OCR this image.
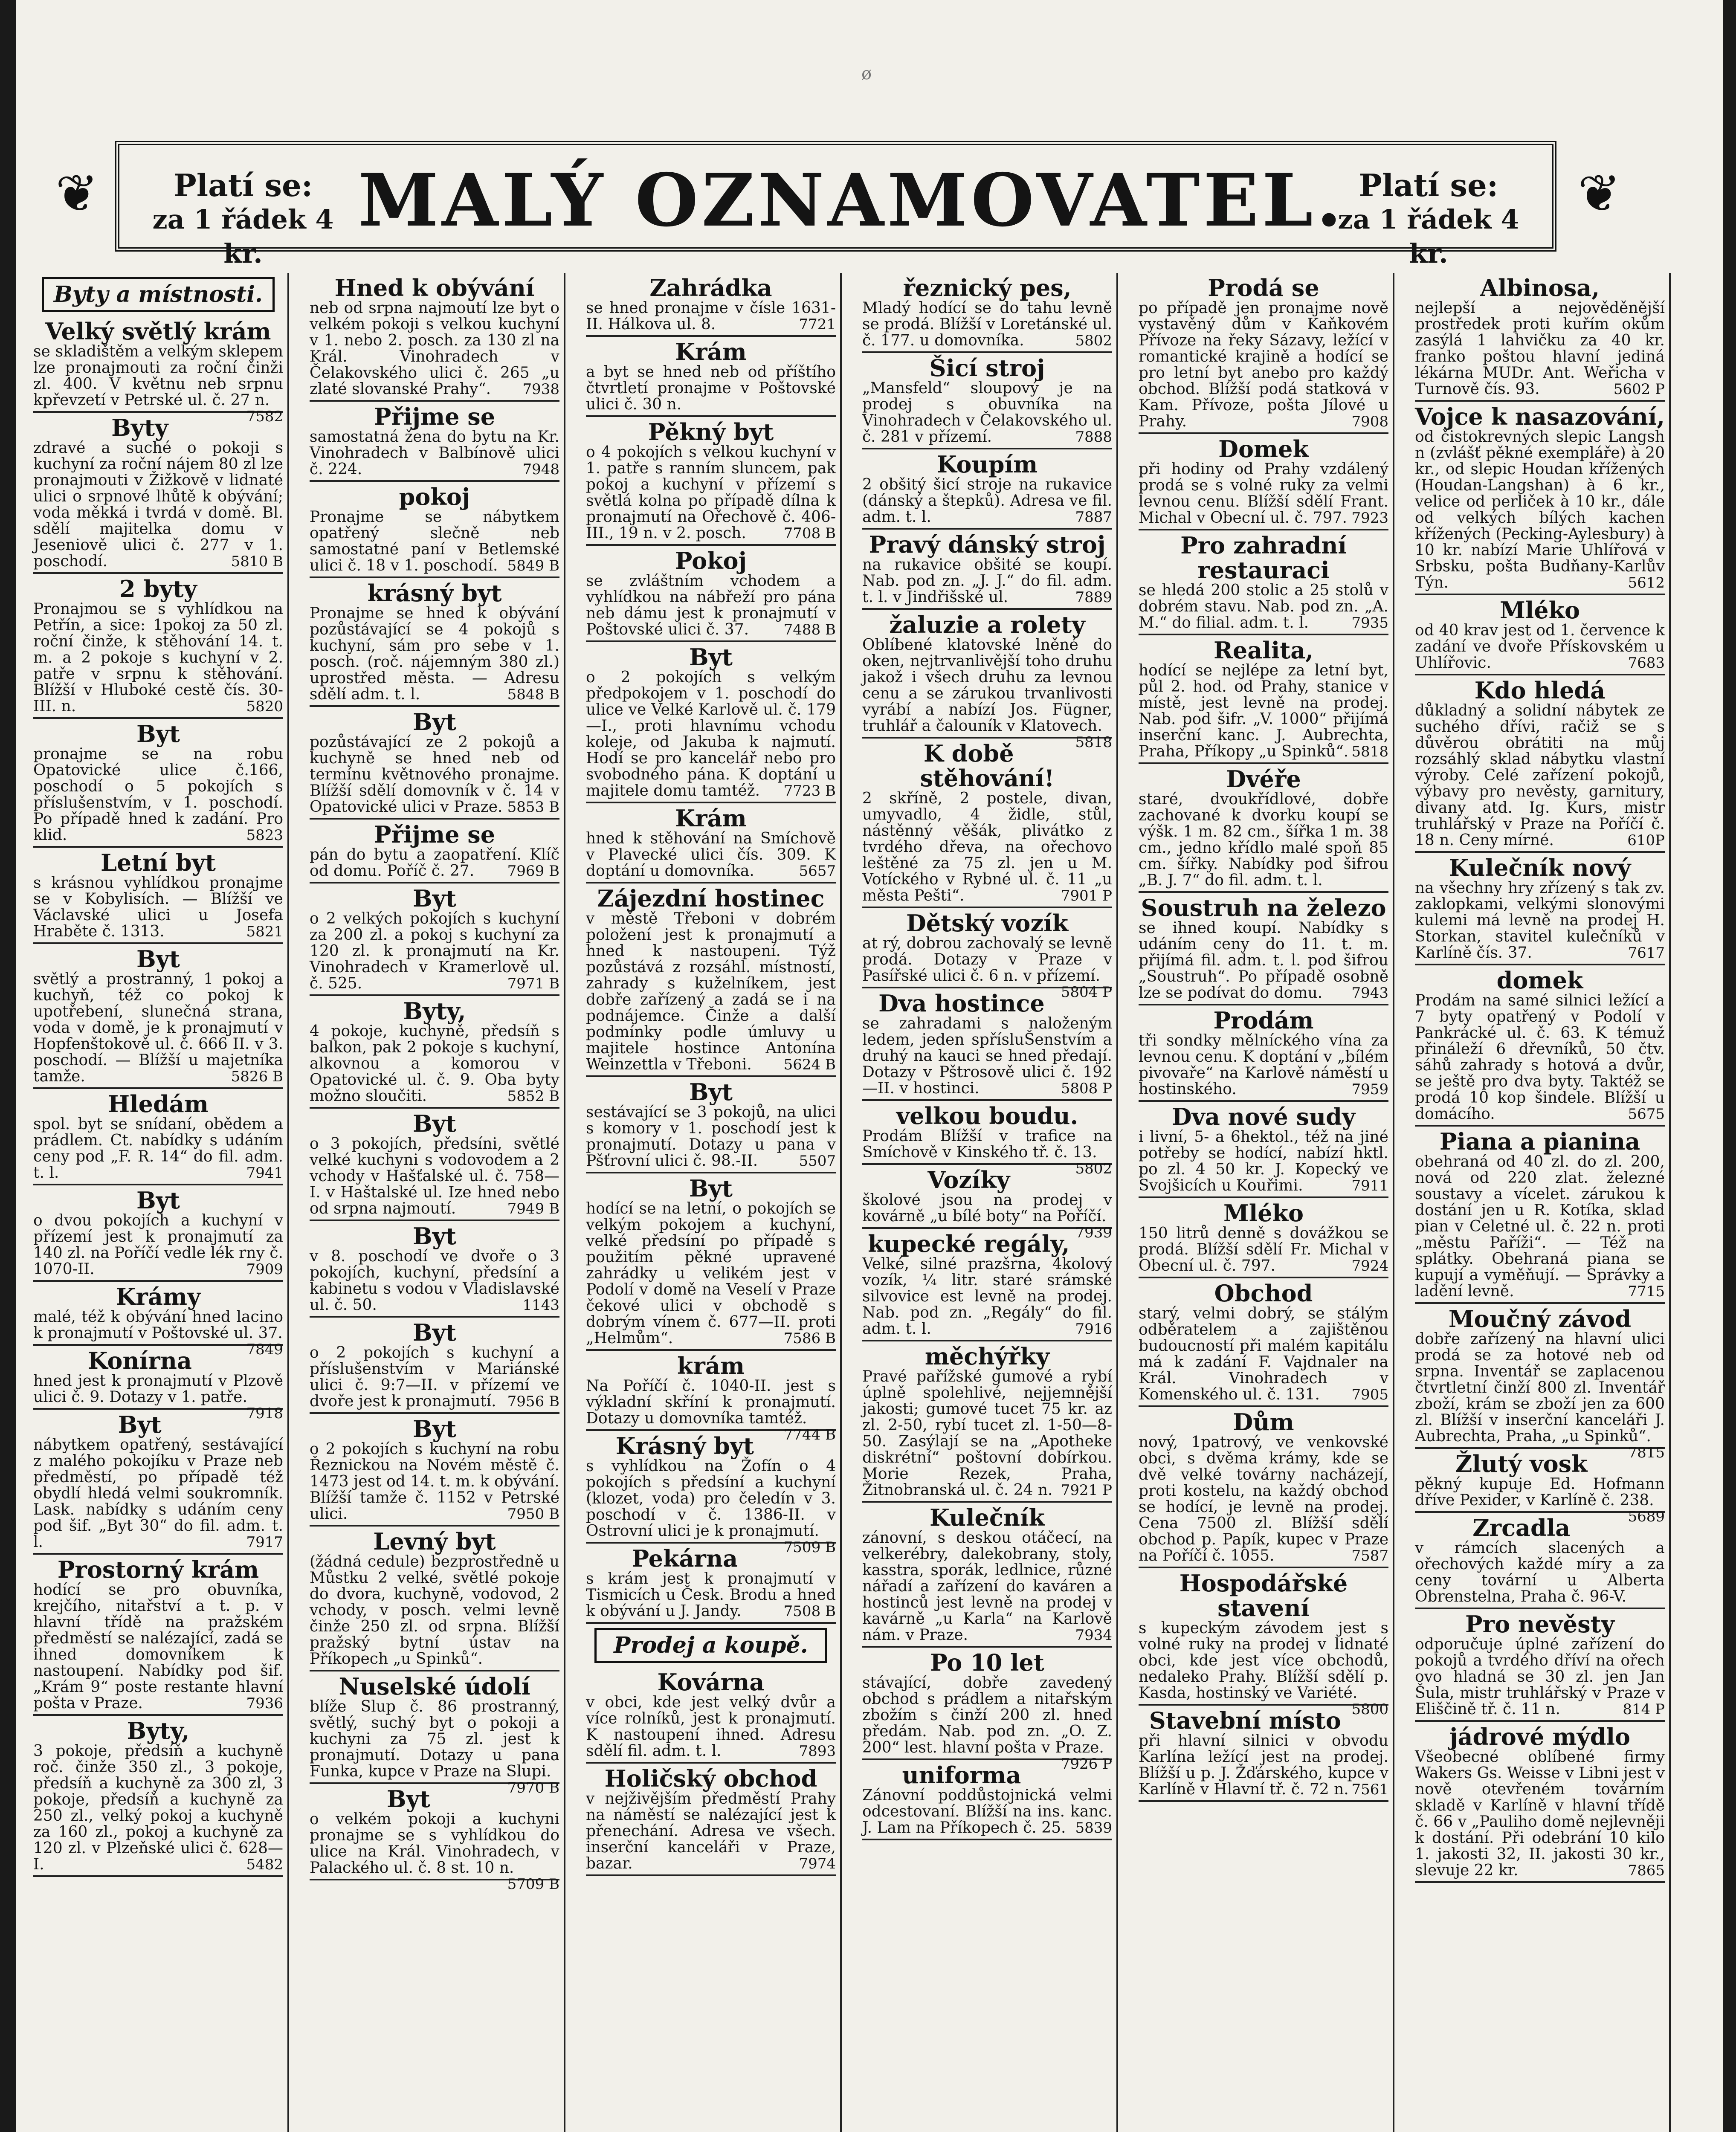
ø
❦	❦
Platí se:

za 1 řádek 4 kr.
MALÝ OZNAMOVATEL. Platí se:

za 1 řádek 4 kr.
Byty a místnosti.
Velký světlý krám
se skladištěm a velkým sklepem lze pronajmouti za roční činži zl. 400. V květnu neb srpnu kpřevzetí v Petrské ul. č. 27 n.
7582
Byty
zdravé a suché o pokoji s kuchyní za roční nájem 80 zl lze pronajmouti v Žižkově v lidnaté ulici o srpnové lhůtě k obývání; voda měkká i tvrdá v domě. Bl. sdělí majitelka domu v Jeseniově ulici č. 277 v 1. poschodí.	5810 B
2 byty
Pronajmou se s vyhlídkou na Petřín, a sice: 1pokoj za 50 zl. roční činže, k stěhování 14. t. m. a 2 pokoje s kuchyní v 2. patře v srpnu k stěhování. Blížší v Hluboké cestě čís. 30-III. n.	5820
Byt
pronajme se na robu Opatovické ulice č.166, poschodí o 5 pokojích s příslušenstvím, v 1. poschodí. Po případě hned k zadání. Pro klid.	5823
Letní byt
s krásnou vyhlídkou pronajme se v Kobylisích. — Blížší ve Václavské ulici u Josefa Hraběte č. 1313.	5821
Byt
světlý a prostranný, 1 pokoj a kuchyň, též co pokoj k upotřebení, slunečná strana, voda v domě, je k pronajmutí v Hopfenštokově ul. č. 666 II. v 3. poschodí. — Blížší u majetníka tamže.	5826 B
Hledám
spol. byt se snídaní, obědem a prádlem. Ct. nabídky s udáním ceny pod „F. R. 14“ do fil. adm. t. l.	7941
Byt
o dvou pokojích a kuchyní v přízemí jest k pronajmutí za 140 zl. na Poříčí vedle lék rny č. 1070-II.	7909
Krámy
malé, též k obývání hned lacino k pronajmutí v Poštovské ul. 37.
7849
Konírna
hned jest k pronajmutí v Plzově ulici č. 9. Dotazy v 1. patře.
7918
Byt
nábytkem opatřený, sestávající z malého pokojíku v Praze neb předměstí, po případě též obydlí hledá velmi soukromník. Lask. nabídky s udáním ceny pod šif. „Byt 30“ do fil. adm. t. l.	7917
Prostorný krám
hodící se pro obuvníka, krejčího, nitařství a t. p. v hlavní třídě na pražském předměstí se nalézající, zadá se ihned domovníkem k nastoupení. Nabídky pod šif. „Krám 9“ poste restante hlavní pošta v Praze.	7936
Byty,
3 pokoje, předsíň a kuchyně roč. činže 350 zl., 3 pokoje, předsíň a kuchyně za 300 zl, 3 pokoje, předsíň a kuchyně za 250 zl., velký pokoj a kuchyně za 160 zl., pokoj a kuchyně za 120 zl. v Plzeňské ulici č. 628—I.	5482
Hned k obývání
neb od srpna najmoutí lze byt o velkém pokoji s velkou kuchyní v 1. nebo 2. posch. za 130 zl na Král. Vinohradech v Čelakovského ulici č. 265 „u zlaté slovanské Prahy“. 7938
Přijme se
samostatná žena do bytu na Kr. Vinohradech v Balbínově ulici č. 224.	7948
pokoj
Pronajme se nábytkem opatřený slečně neb samostatné paní v Betlemské ulici č. 18 v 1. poschodí. 5849 B
krásný byt
Pronajme se hned k obývání pozůstávající se 4 pokojů s kuchyní, sám pro sebe v 1. posch. (roč. nájemným 380 zl.) uprostřed města. — Adresu sdělí adm. t. l.	5848 B
Byt
pozůstávající ze 2 pokojů a kuchyně se hned neb od termínu květnového pronajme. Blížší sdělí domovník v č. 14 v Opatovické ulici v Praze. 5853 B
Přijme se
pán do bytu a zaopatření. Klíč od domu. Poříč č. 27. 7969 B
Byt
o 2 velkých pokojích s kuchyní za 200 zl. a pokoj s kuchyní za 120 zl. k pronajmutí na Kr. Vinohradech v Kramerlově ul. č. 525.	7971 B
Byty,
4 pokoje, kuchyně, předsíň s balkon, pak 2 pokoje s kuchyní, alkovnou a komorou v Opatovické ul. č. 9. Oba byty možno sloučiti.	5852 B
Byt
o 3 pokojích, předsíni, světlé velké kuchyni s vodovodem a 2 vchody v Hašťalské ul. č. 758—I. v Haštalské ul. Ize hned nebo od srpna najmoutí.	7949 B
Byt
v 8. poschodí ve dvoře o 3 pokojích, kuchyní, předsíní a kabinetu s vodou v Vladislavské ul. č. 50.	1143
Byt
o 2 pokojích s kuchyní a příslušenstvím v Mariánské ulici č. 9:7—II. v přízemí ve dvoře jest k pronajmutí. 7956 B
Byt
o 2 pokojích s kuchyní na robu Řeznickou na Novém městě č. 1473 jest od 14. t. m. k obývání. Blížší tamže č. 1152 v Petrské ulici.	7950 B
Levný byt
(žádná cedule) bezprostředně u Můstku 2 velké, světlé pokoje do dvora, kuchyně, vodovod, 2 vchody, v posch. velmi levně činže 250 zl. od srpna. Blížší pražský bytní ústav na Příkopech „u Spinků“.
Nuselské údolí
blíže Slup č. 86 prostranný, světlý, suchý byt o pokoji a kuchyni za 75 zl. jest k pronajmutí. Dotazy u pana Funka, kupce v Praze na Slupi.
7970 B
Byt
o velkém pokoji a kuchyni pronajme se s vyhlídkou do ulice na Král. Vinohradech, v Palackého ul. č. 8 st. 10 n.
5709 B
Zahrádka
se hned pronajme v čísle 1631-II. Hálkova ul. 8.	7721
Krám
a byt se hned neb od příštího čtvrtletí pronajme v Poštovské ulici č. 30 n.
Pěkný byt
o 4 pokojích s velkou kuchyní v 1. patře s ranním sluncem, pak pokoj a kuchyní v přízemí s světlá kolna po případě dílna k pronajmutí na Ořechově č. 406-III., 19 n. v 2. posch.	7708 B
Pokoj
se zvláštním vchodem a vyhlídkou na nábřeží pro pána neb dámu jest k pronajmutí v Poštovské ulici č. 37. 7488 B
Byt
o 2 pokojích s velkým předpokojem v 1. poschodí do ulice ve Velké Karlově ul. č. 179—I., proti hlavnímu vchodu koleje, od Jakuba k najmutí. Hodí se pro kancelář nebo pro svobodného pána. K doptání u majitele domu tamtéž. 7723 B
Krám
hned k stěhování na Smíchově v Plavecké ulici čís. 309. K doptání u domovníka.	5657
Zájezdní hostinec
v městě Třeboni v dobrém položení jest k pronajmutí a hned k nastoupení. Týž pozůstává z rozsáhl. místností, zahrady s kuželníkem, jest dobře zařízený a zadá se i na podnájemce. Činže a další podmínky podle úmluvy u majitele hostince Antonína Weinzettla v Třeboni. 5624 B
Byt
sestávající se 3 pokojů, na ulici s komory v 1. poschodí jest k pronajmutí. Dotazy u pana v Pšťrovní ulici č. 98.-II.	5507
Byt
hodící se na letní, o pokojích se velkým pokojem a kuchyní, velké předsíní po případě s použitím pěkné upravené zahrádky u velikém jest v Podolí v domě na Veselí v Praze čekové ulici v obchodě s dobrým vínem č. 677—II. proti „Helmům“.	7586 B
krám
Na Poříčí č. 1040-II. jest s výkladní skříní k pronajmutí. Dotazy u domovníka tamtéž.
7744 B
Krásný byt
s vyhlídkou na Žofín o 4 pokojích s předsíní a kuchyní (klozet, voda) pro čeledín v 3. poschodí v č. 1386-II. v Ostrovní ulici je k pronajmutí.
7509 B
Pekárna
s krám jest k pronajmutí v Tismicích u Česk. Brodu a hned k obývání u J. Jandy.	7508 B
Prodej a koupě.
Kovárna
v obci, kde jest velký dvůr a více rolníků, jest k pronajmutí. K nastoupení ihned. Adresu sdělí fil. adm. t. l.	7893
Holičský obchod
v nejživějším předměstí Prahy na náměstí se nalézající jest k přenechání. Adresa ve všech. inserční kanceláři v Praze, bazar.	7974
řeznický pes,
Mladý hodící se do tahu levně se prodá. Blížší v Loretánské ul. č. 177. u domovníka.	5802
Šicí stroj
„Mansfeld“ sloupový je na prodej s obuvníka na Vinohradech v Čelakovského ul. č. 281 v přízemí.	7888
Koupím
2 obšitý šicí stroje na rukavice (dánský a štepků). Adresa ve fil. adm. t. l.	7887
Pravý dánský stroj
na rukavice obšité se koupí. Nab. pod zn. „J. J.“ do fil. adm. t. l. v Jindřišské ul.	7889
žaluzie a rolety
Oblíbené klatovské lněné do oken, nejtrvanlivější toho druhu jakož i všech druhu za levnou cenu a se zárukou trvanlivosti vyrábí a nabízí Jos. Fügner, truhlář a čalouník v Klatovech.
5818
K době stěhování!
2 skříně, 2 postele, divan, umyvadlo, 4 židle, stůl, nástěnný věšák, plivátko z tvrdého dřeva, na ořechovo leštěné za 75 zl. jen u M. Votíckého v Rybné ul. č. 11 „u města Pešti“.	7901 P
Dětský vozík
at rý, dobrou zachovalý se levně prodá. Dotazy v Praze v Pasířské ulici č. 6 n. v přízemí.
5804 P
Dva hostince
se zahradami s naloženým ledem, jeden spřísluŠenstvím a druhý na kauci se hned předají. Dotazy v Pštrosově ulici č. 192—II. v hostinci.	5808 P
velkou boudu.
Prodám Blížší v trafice na Smíchově v Kinského tř. č. 13.
5802
Vozíky
školové jsou na prodej v kovárně „u bílé boty“ na Poříčí.
7939
kupecké regály,
Velké, silné prazšrna, 4kolový vozík, ¼ litr. staré srámské silvovice est levně na prodej. Nab. pod zn. „Regály“ do fil. adm. t. l.	7916
měchýřky
Pravé pařížské gumové a rybí úplně spolehlivé, nejjemnější jakosti; gumové tucet 75 kr. az zl. 2-50, rybí tucet zl. 1-50—8-50. Zasýlají se na „Apotheke diskrétní“ poštovní dobírkou. Morie Rezek, Praha, Žitnobranská ul. č. 24 n. 7921 P
Kulečník
zánovní, s deskou otáčecí, na velkerébry, dalekobrany, stoly, kasstra, sporák, ledlnice, různé nářadí a zařízení do kaváren a hostinců jest levně na prodej v kavárně „u Karla“ na Karlově nám. v Praze.	7934
Po 10 let
stávající, dobře zavedený obchod s prádlem a nitařským zbožím s činží 200 zl. hned předám. Nab. pod zn. „O. Z. 200“ lest. hlavní pošta v Praze.
7926 P
uniforma
Zánovní poddůstojnická velmi odcestovaní. Blížší na ins. kanc. J. Lam na Příkopech č. 25. 5839
Prodá se
po případě jen pronajme nově vystavěný dům v Kaňkovém Přívoze na řeky Sázavy, ležící v romantické krajině a hodící se pro letní byt anebo pro každý obchod. Blížší podá statková v Kam. Přívoze, pošta Jílové u Prahy.	7908
Domek
při hodiny od Prahy vzdálený prodá se s volné ruky za velmi levnou cenu. Blížší sdělí Frant. Michal v Obecní ul. č. 797. 7923
Pro zahradní restauraci
se hledá 200 stolic a 25 stolů v dobrém stavu. Nab. pod zn. „A. M.“ do filial. adm. t. l.	7935
Realita,
hodící se nejlépe za letní byt, půl 2. hod. od Prahy, stanice v místě, jest levně na prodej. Nab. pod šifr. „V. 1000“ přijímá inserční kanc. J. Aubrechta, Praha, Příkopy „u Spinků“. 5818
Dvéře
staré, dvoukřídlové, dobře zachované k dvorku koupí se výšk. 1 m. 82 cm., šířka 1 m. 38 cm., jedno křídlo malé spoň 85 cm. šířky. Nabídky pod šifrou „B. J. 7“ do fil. adm. t. l.
Soustruh na železo
se ihned koupí. Nabídky s udáním ceny do 11. t. m. přijímá fil. adm. t. l. pod šifrou „Soustruh“. Po případě osobně lze se podívat do domu. 7943
Prodám
tři sondky mělníckého vína za levnou cenu. K doptání v „bílém pivovaře“ na Karlově náměstí u hostinského.	7959
Dva nové sudy
i livní, 5- a 6hektol., též na jiné potřeby se hodící, nabízí hktl. po zl. 4 50 kr. J. Kopecký ve Svojšicích u Kouřimi.	7911
Mléko
150 litrů denně s dovážkou se prodá. Blížší sdělí Fr. Michal v Obecní ul. č. 797.	7924
Obchod
starý, velmi dobrý, se stálým odběratelem a zajištěnou budoucností při malém kapitálu má k zadání F. Vajdnaler na Král. Vinohradech v Komenského ul. č. 131. 7905
Dům
nový, 1patrový, ve venkovské obci, s dvěma krámy, kde se dvě velké továrny nacházejí, proti kostelu, na každý obchod se hodící, je levně na prodej. Cena 7500 zl. Blížší sdělí obchod p. Papík, kupec v Praze na Poříčí č. 1055.	7587
Hospodářské stavení
s kupeckým závodem jest s volné ruky na prodej v lidnaté obci, kde jest více obchodů, nedaleko Prahy. Blížší sdělí p. Kasda, hostinský ve Variété.
5800
Stavební místo
při hlavní silnici v obvodu Karlína ležící jest na prodej. Blížší u p. J. Žďárského, kupce v Karlíně v Hlavní tř. č. 72 n. 7561
Albinosa,
nejlepší a nejověděnější prostředek proti kuřím okům zasýlá 1 lahvičku za 40 kr. franko poštou hlavní jediná lékárna MUDr. Ant. Weřicha v Turnově čís. 93.	5602 P
Vojce k nasazování,
od čistokrevných slepic Langsh n (zvlášť pěkné exempláře) à 20 kr., od slepic Houdan křížených (Houdan-Langshan) à 6 kr., velice od perliček à 10 kr., dále od velkých bílých kachen křížených (Pecking-Aylesbury) à 10 kr. nabízí Marie Uhlířová v Srbsku, pošta Budňany-Karlův Týn.	5612
Mléko
od 40 krav jest od 1. července k zadání ve dvoře Přískovském u Uhlířovic.	7683
Kdo hledá
důkladný a solidní nábytek ze suchého dřívi, račiž se s důvěrou obrátiti na můj rozsáhlý sklad nábytku vlastní výroby. Celé zařízení pokojů, výbavy pro nevěsty, garnitury, divany atd. Ig. Kurs, mistr truhlářský v Praze na Poříčí č. 18 n. Ceny mírné.	610P
Kulečník nový
na všechny hry zřízený s tak zv. zaklopkami, velkými slonovými kulemi má levně na prodej H. Storkan, stavitel kulečníků v Karlíně čís. 37.	7617
domek
Prodám na samé silnici ležící a 7 byty opatřený v Podolí v Pankrácké ul. č. 63. K témuž přináleží 6 dřevníků, 50 čtv. sáhů zahrady s hotová a dvůr, se ještě pro dva byty. Taktéž se prodá 10 kop šindele. Blížší u domácího.	5675
Piana a pianina
obehraná od 40 zl. do zl. 200, nová od 220 zlat. železné soustavy a vícelet. zárukou k dostání jen u R. Kotíka, sklad pian v Celetné ul. č. 22 n. proti „městu Paříži“. — Též na splátky. Obehraná piana se kupují a vyměňují. — Správky a ladění levně.	7715
Moučný závod
dobře zařízený na hlavní ulici prodá se za hotové neb od srpna. Inventář se zaplacenou čtvrtletní činží 800 zl. Inventář zboží, krám se zboží jen za 600 zl. Blížší v inserční kanceláři J. Aubrechta, Praha, „u Spinků“.
7815
Žlutý vosk
pěkný kupuje Ed. Hofmann dříve Pexider, v Karlíně č. 238.
5689
Zrcadla
v rámcích slacených a ořechových každé míry a za ceny tovární u Alberta Obrenstelna, Praha č. 96-V.
Pro nevěsty
odporučuje úplné zařízení do pokojů a tvrdého dříví na ořech ovo hladná se 30 zl. jen Jan Šula, mistr truhlářský v Praze v Eliščině tř. č. 11 n.	814 P
jádrové mýdlo
Všeobecné oblíbené firmy Wakers Gs. Weisse v Libni jest v nově otevřeném továrním skladě v Karlíně v hlavní třídě č. 66 v „Pauliho domě nejlevněji k dostání. Při odebrání 10 kilo 1. jakosti 32, II. jakosti 30 kr., slevuje 22 kr.	7865
